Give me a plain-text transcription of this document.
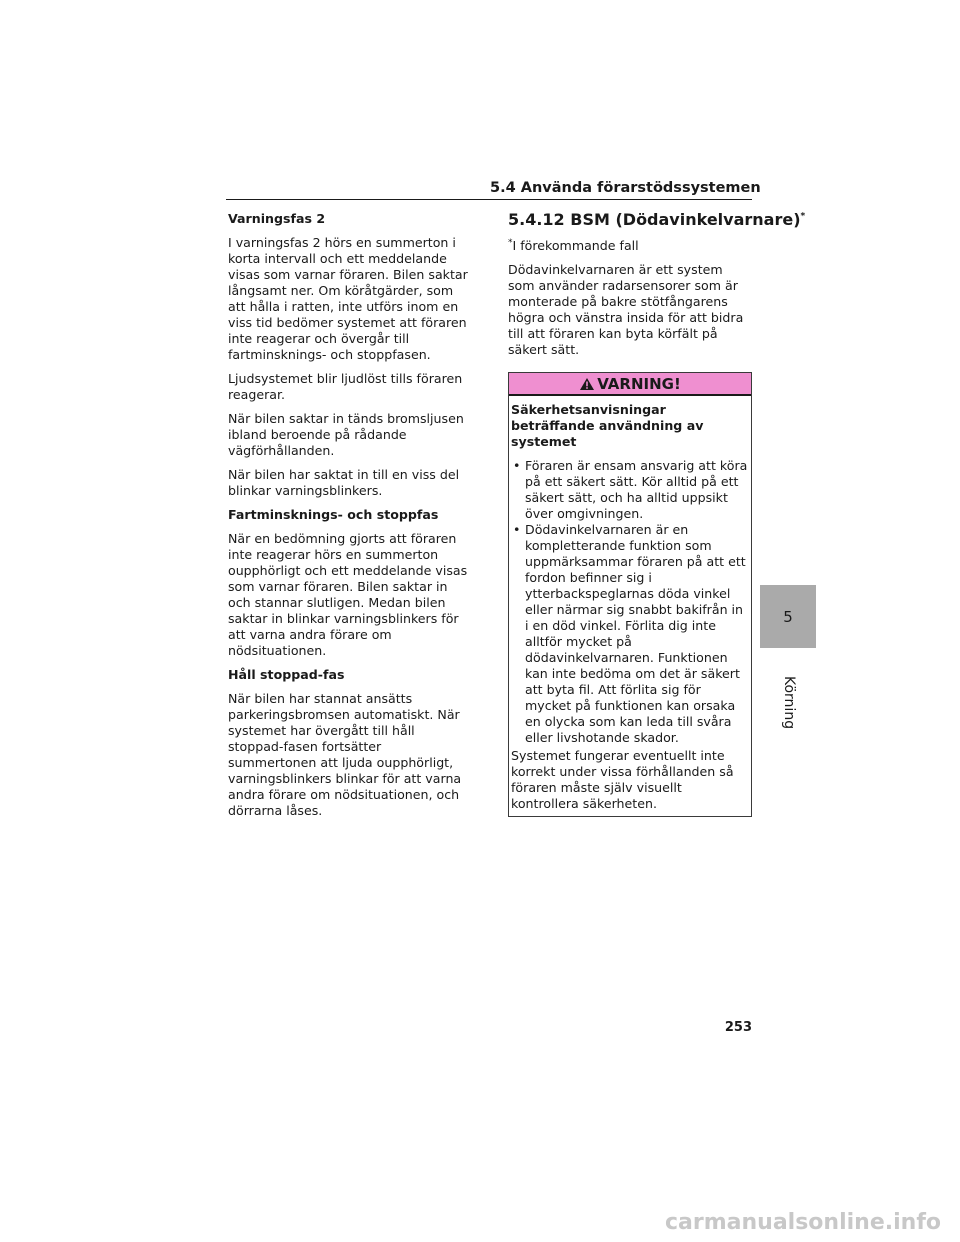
5.4 Använda förarstödssystemen
Varningsfas 2

I varningsfas 2 hörs en summerton i korta intervall och ett meddelande visas som varnar föraren. Bilen saktar långsamt ner. Om köråtgärder, som att hålla i ratten, inte utförs inom en viss tid bedömer systemet att föraren inte reagerar och övergår till fartminsknings- och stoppfasen.

Ljudsystemet blir ljudlöst tills föraren reagerar.

När bilen saktar in tänds bromsljusen ibland beroende på rådande vägförhållanden.

När bilen har saktat in till en viss del blinkar varningsblinkers.

Fartminsknings- och stoppfas

När en bedömning gjorts att föraren inte reagerar hörs en summerton oupphörligt och ett meddelande visas som varnar föraren. Bilen saktar in och stannar slutligen. Medan bilen saktar in blinkar varningsblinkers för att varna andra förare om nödsituationen.

Håll stoppad-fas

När bilen har stannat ansätts parkeringsbromsen automatiskt. När systemet har övergått till håll stoppad-fasen fortsätter summertonen att ljuda oupphörligt, varningsblinkers blinkar för att varna andra förare om nödsituationen, och dörrarna låses.

5.4.12 BSM (Dödavinkelvarnare)*

*I förekommande fall

Dödavinkelvarnaren är ett system som använder radarsensorer som är monterade på bakre stötfångarens högra och vänstra insida för att bidra till att föraren kan byta körfält på säkert sätt.

VARNING!

Säkerhetsanvisningar beträffande användning av systemet

• Föraren är ensam ansvarig att köra på ett säkert sätt. Kör alltid på ett säkert sätt, och ha alltid uppsikt över omgivningen.
• Dödavinkelvarnaren är en kompletterande funktion som uppmärksammar föraren på att ett fordon befinner sig i ytterbackspeglarnas döda vinkel eller närmar sig snabbt bakifrån in i en död vinkel. Förlita dig inte alltför mycket på dödavinkelvarnaren. Funktionen kan inte bedöma om det är säkert att byta fil. Att förlita sig för mycket på funktionen kan orsaka en olycka som kan leda till svåra eller livshotande skador.

Systemet fungerar eventuellt inte korrekt under vissa förhållanden så föraren måste själv visuellt kontrollera säkerheten.

5
Körning
253
carmanualsonline.info
